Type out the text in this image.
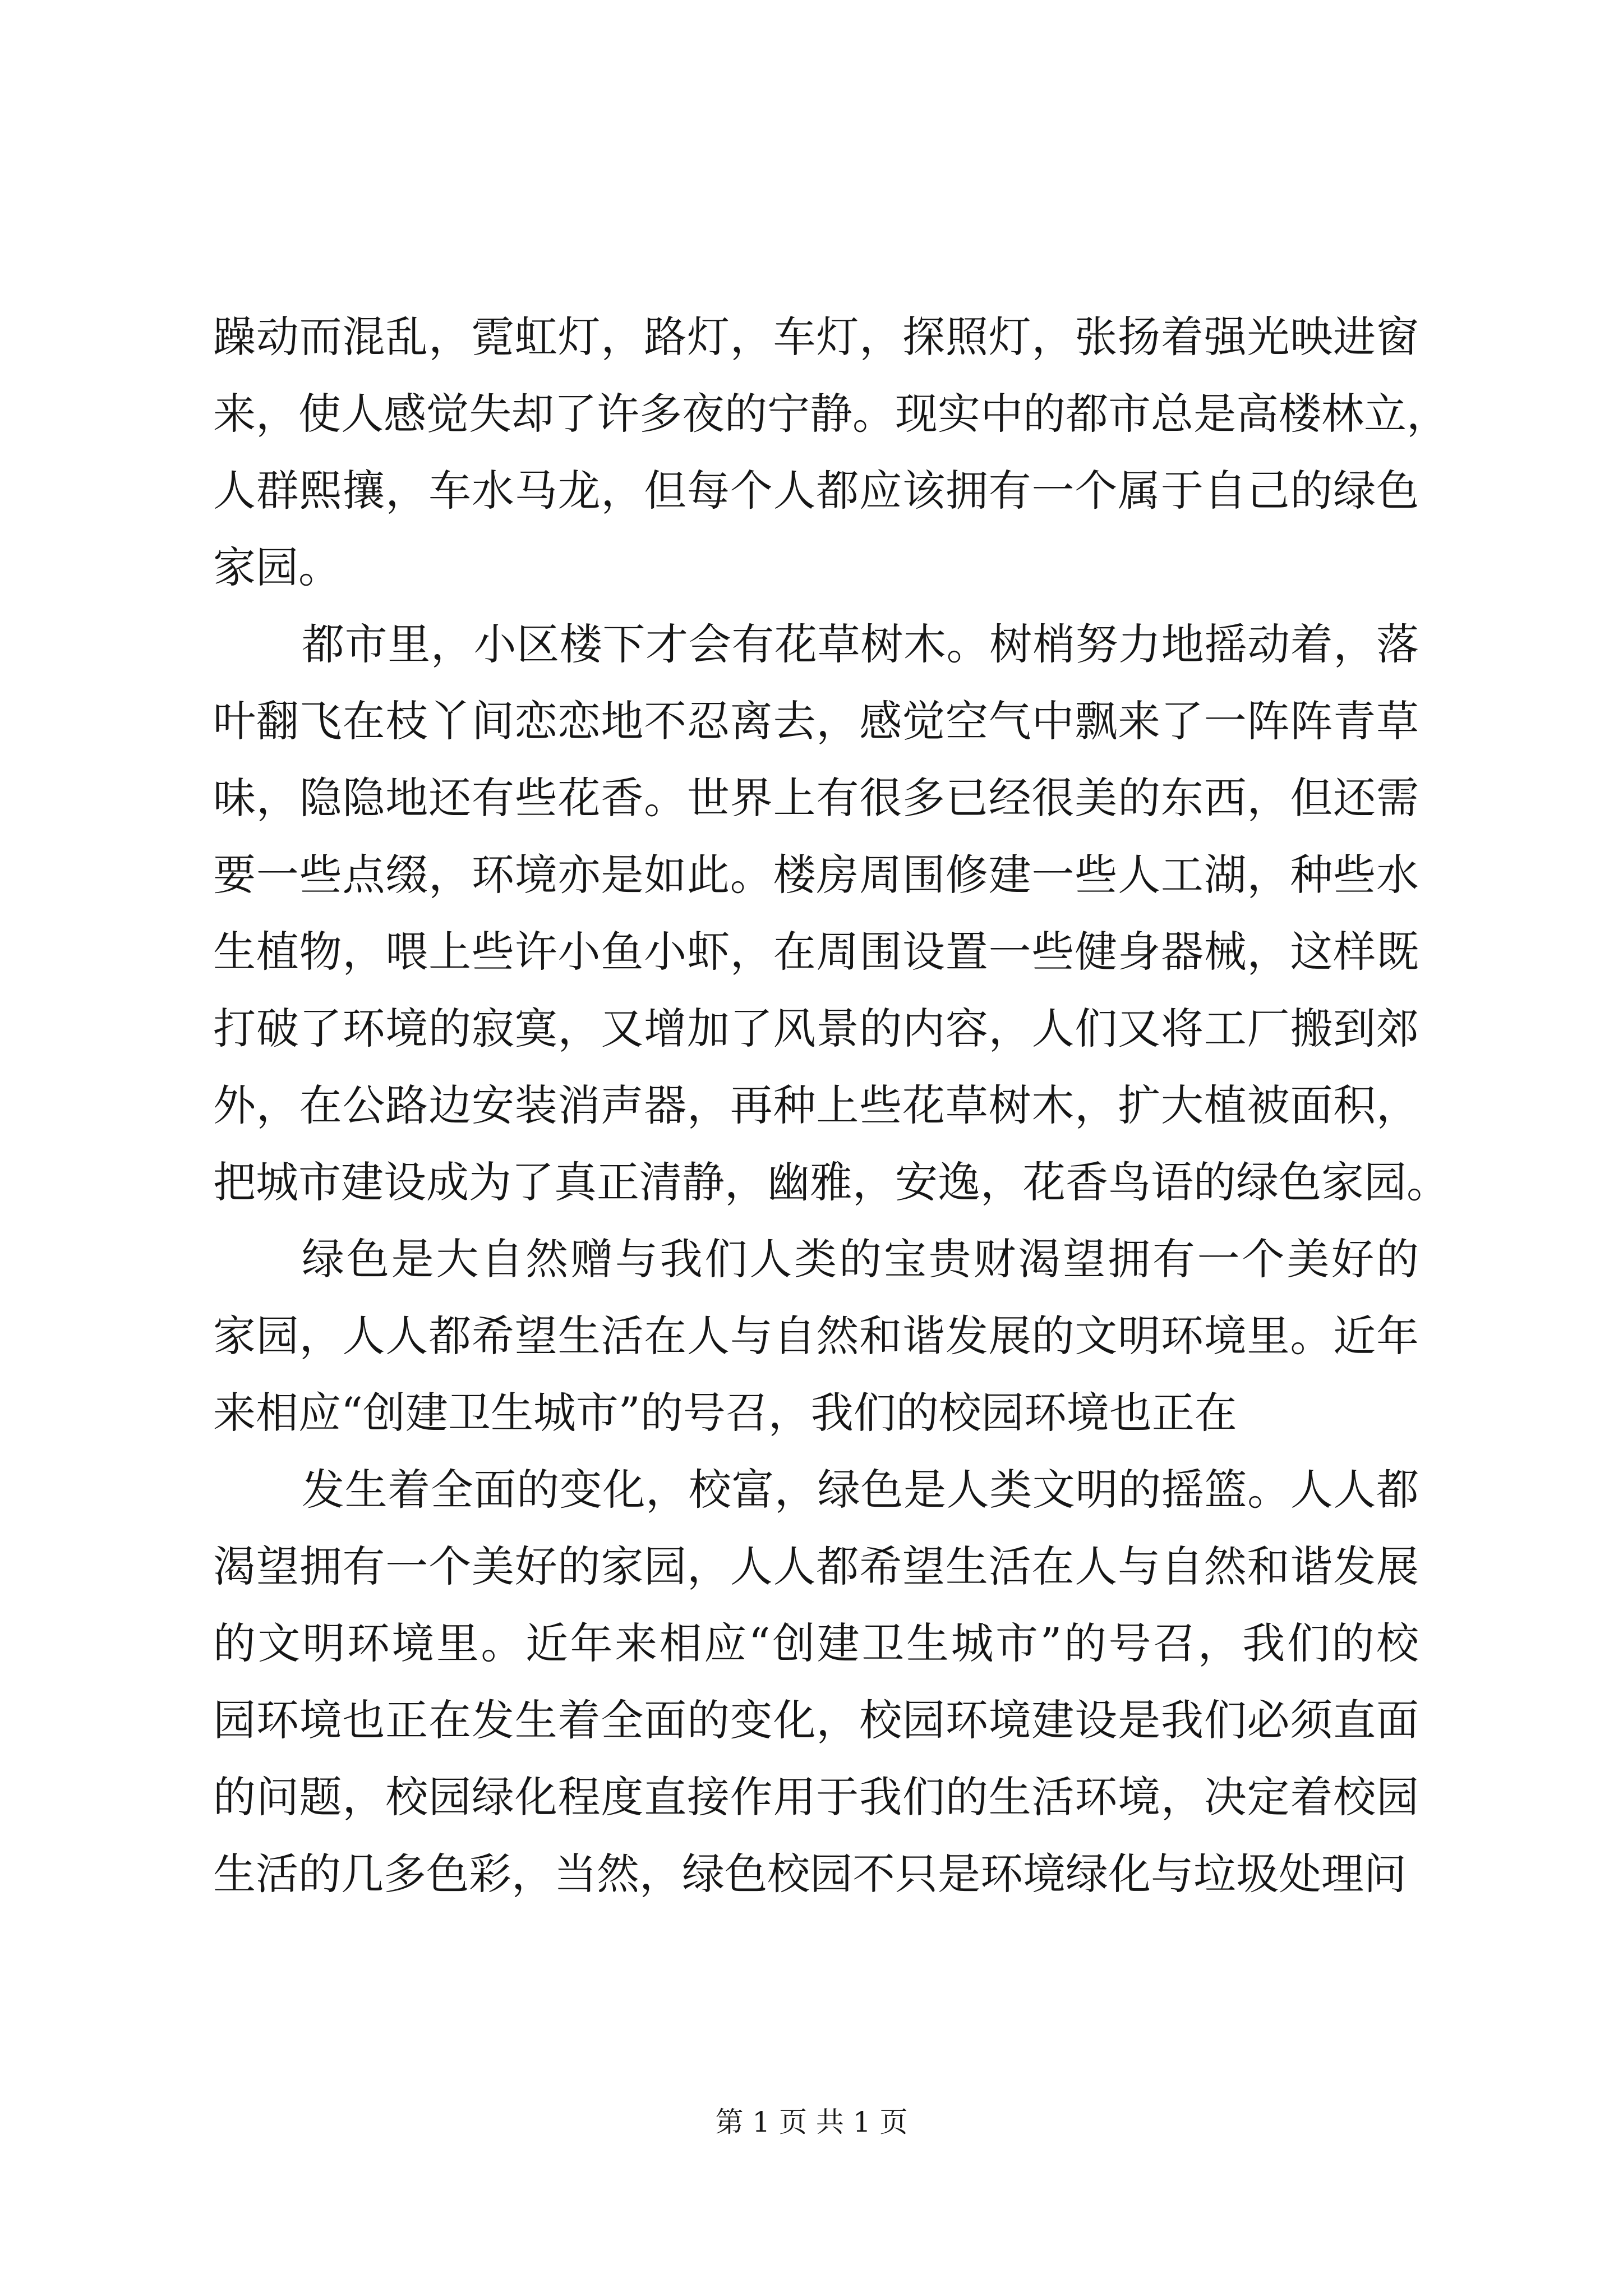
躁动而混乱，霓虹灯，路灯，车灯，探照灯，张扬着强光映进窗
来，使人感觉失却了许多夜的宁静。现实中的都市总是高楼林立，
人群熙攘，车水马龙，但每个人都应该拥有一个属于自己的绿色
家园。
都市里，小区楼下才会有花草树木。树梢努力地摇动着，落
叶翻飞在枝丫间恋恋地不忍离去，感觉空气中飘来了一阵阵青草
味，隐隐地还有些花香。世界上有很多已经很美的东西，但还需
要一些点缀，环境亦是如此。楼房周围修建一些人工湖，种些水
生植物，喂上些许小鱼小虾，在周围设置一些健身器械，这样既
打破了环境的寂寞，又增加了风景的内容，人们又将工厂搬到郊
外，在公路边安装消声器，再种上些花草树木，扩大植被面积，
把城市建设成为了真正清静，幽雅，安逸，花香鸟语的绿色家园。
绿色是大自然赠与我们人类的宝贵财渴望拥有一个美好的
家园，人人都希望生活在人与自然和谐发展的文明环境里。近年
来相应“创建卫生城市”的号召，我们的校园环境也正在
发生着全面的变化，校富，绿色是人类文明的摇篮。人人都
渴望拥有一个美好的家园，人人都希望生活在人与自然和谐发展
的文明环境里。近年来相应“创建卫生城市”的号召，我们的校
园环境也正在发生着全面的变化，校园环境建设是我们必须直面
的问题，校园绿化程度直接作用于我们的生活环境，决定着校园
生活的几多色彩，当然，绿色校园不只是环境绿化与垃圾处理问
第 1 页 共 1 页
